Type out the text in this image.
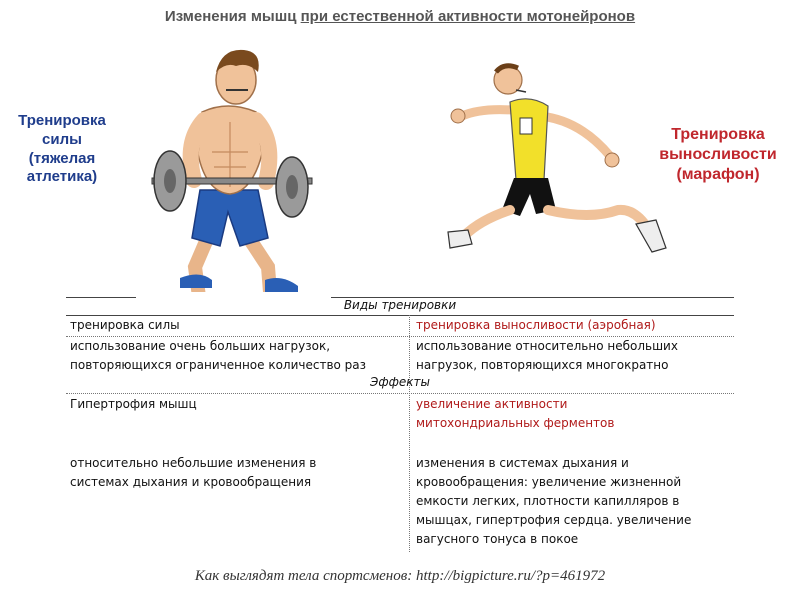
Изменения мышц при естественной активности мотонейронов
Тренировка
силы
(тяжелая
атлетика)
Тренировка
выносливости
(марафон)
Виды тренировки
тренировка силы	тренировка выносливости (аэробная)
использование очень больших нагрузок,
повторяющихся ограниченное количество раз
использование относительно небольших
нагрузок, повторяющихся многократно
Эффекты
Гипертрофия мышц	увеличение активности
митохондриальных ферментов
относительно небольшие изменения в
системах дыхания и кровообращения
изменения в системах дыхания и
кровообращения: увеличение жизненной
емкости легких, плотности капилляров в
мышцах, гипертрофия сердца. увеличение
вагусного тонуса в покое
Как выглядят тела спортсменов: http://bigpicture.ru/?p=461972
